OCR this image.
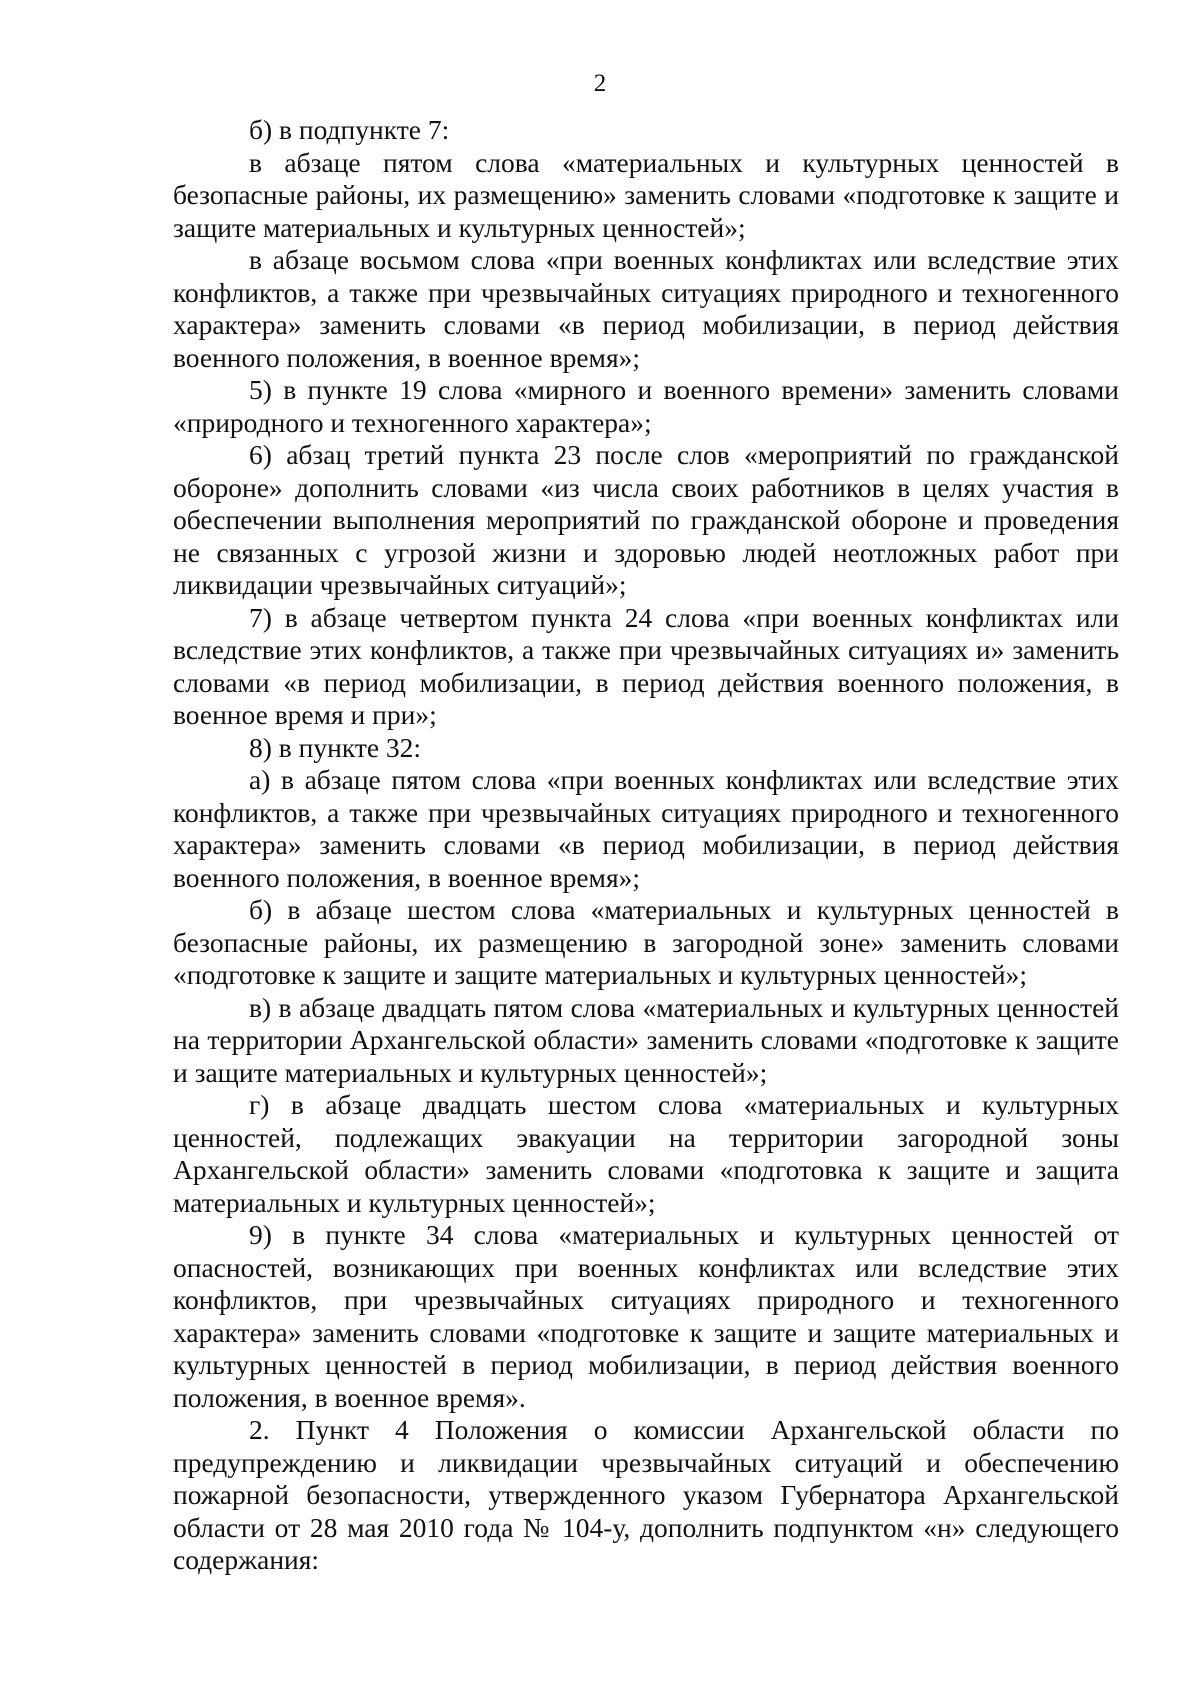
2

б) в подпункте 7:

в абзаце пятом слова «материальных и культурных ценностей в безопасные районы, их размещению» заменить словами «подготовке к защите и защите материальных и культурных ценностей»;

в абзаце восьмом слова «при военных конфликтах или вследствие этих конфликтов, а также при чрезвычайных ситуациях природного и техногенного характера» заменить словами «в период мобилизации, в период действия военного положения, в военное время»;

5) в пункте 19 слова «мирного и военного времени» заменить словами «природного и техногенного характера»;

6) абзац третий пункта 23 после слов «мероприятий по гражданской обороне» дополнить словами «из числа своих работников в целях участия в обеспечении выполнения мероприятий по гражданской обороне и проведения не связанных с угрозой жизни и здоровью людей неотложных работ при ликвидации чрезвычайных ситуаций»;

7) в абзаце четвертом пункта 24 слова «при военных конфликтах или вследствие этих конфликтов, а также при чрезвычайных ситуациях и» заменить словами «в период мобилизации, в период действия военного положения, в военное время и при»;

8) в пункте 32:

а) в абзаце пятом слова «при военных конфликтах или вследствие этих конфликтов, а также при чрезвычайных ситуациях природного и техногенного характера» заменить словами «в период мобилизации, в период действия военного положения, в военное время»;

б) в абзаце шестом слова «материальных и культурных ценностей в безопасные районы, их размещению в загородной зоне» заменить словами «подготовке к защите и защите материальных и культурных ценностей»;

в) в абзаце двадцать пятом слова «материальных и культурных ценностей на территории Архангельской области» заменить словами «подготовке к защите и защите материальных и культурных ценностей»;

г) в абзаце двадцать шестом слова «материальных и культурных ценностей, подлежащих эвакуации на территории загородной зоны Архангельской области» заменить словами «подготовка к защите и защита материальных и культурных ценностей»;

9) в пункте 34 слова «материальных и культурных ценностей от опасностей, возникающих при военных конфликтах или вследствие этих конфликтов, при чрезвычайных ситуациях природного и техногенного характера» заменить словами «подготовке к защите и защите материальных и культурных ценностей в период мобилизации, в период действия военного положения, в военное время».

2. Пункт 4 Положения о комиссии Архангельской области по предупреждению и ликвидации чрезвычайных ситуаций и обеспечению пожарной безопасности, утвержденного указом Губернатора Архангельской области от 28 мая 2010 года № 104-у, дополнить подпунктом «н» следующего содержания:
